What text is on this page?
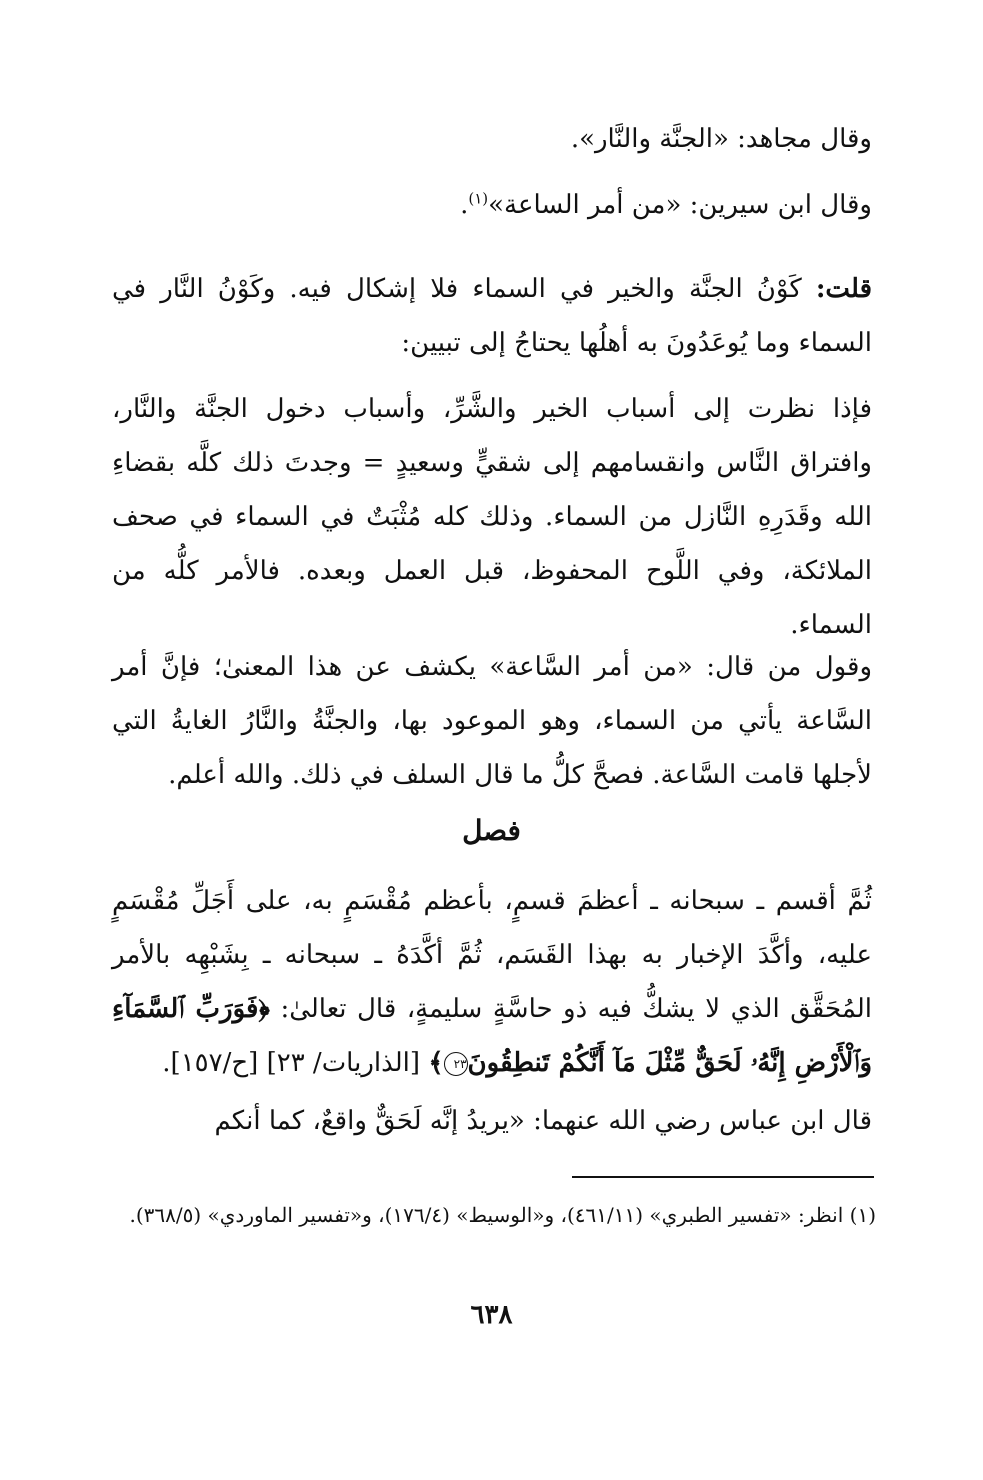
وقال مجاهد: «الجنَّة والنَّار».
وقال ابن سيرين: «من أمر الساعة»$^{(١)}$.
قلت: كَوْنُ الجنَّة والخير في السماء فلا إشكال فيه. وكَوْنُ النَّار في السماء وما يُوعَدُونَ به أهلُها يحتاجُ إلى تبيين:
فإذا نظرت إلى أسباب الخير والشَّرِّ، وأسباب دخول الجنَّة والنَّار، وافتراق النَّاس وانقسامهم إلى شقيٍّ وسعيدٍ = وجدتَ ذلك كلَّه بقضاءِ الله وقَدَرِهِ النَّازل من السماء. وذلك كله مُثْبَتٌ في السماء في صحف الملائكة، وفي اللَّوح المحفوظ، قبل العمل وبعده. فالأمر كلُّه من السماء.
وقول من قال: «من أمر السَّاعة» يكشف عن هذا المعنىٰ؛ فإنَّ أمر السَّاعة يأتي من السماء، وهو الموعود بها، والجنَّةُ والنَّارُ الغايةُ التي لأجلها قامت السَّاعة. فصحَّ كلُّ ما قال السلف في ذلك. والله أعلم.
فصل
ثُمَّ أقسم ـ سبحانه ـ أعظمَ قسمٍ، بأعظم مُقْسَمٍ به، على أَجَلِّ مُقْسَمٍ عليه، وأكَّدَ الإخبار به بهذا القَسَم، ثُمَّ أكَّدَهُ ـ سبحانه ـ بِشَبْهِه بالأمر المُحَقَّق الذي لا يشكُّ فيه ذو حاسَّةٍ سليمةٍ، قال تعالىٰ: ﴿فَوَرَبِّ ٱلسَّمَآءِ وَٱلْأَرْضِ إِنَّهُۥ لَحَقٌّ مِّثْلَ مَآ أَنَّكُمْ تَنطِقُونَ٢٣﴾ [الذاريات/ ٢٣] [ح/١٥٧].
قال ابن عباس رضي الله عنهما: «يريدُ إنَّه لَحَقٌّ واقعٌ، كما أنكم
(١) انظر: «تفسير الطبري» (٤٦١/١١)، و«الوسيط» (١٧٦/٤)، و«تفسير الماوردي» (٣٦٨/٥).
٦٣٨
